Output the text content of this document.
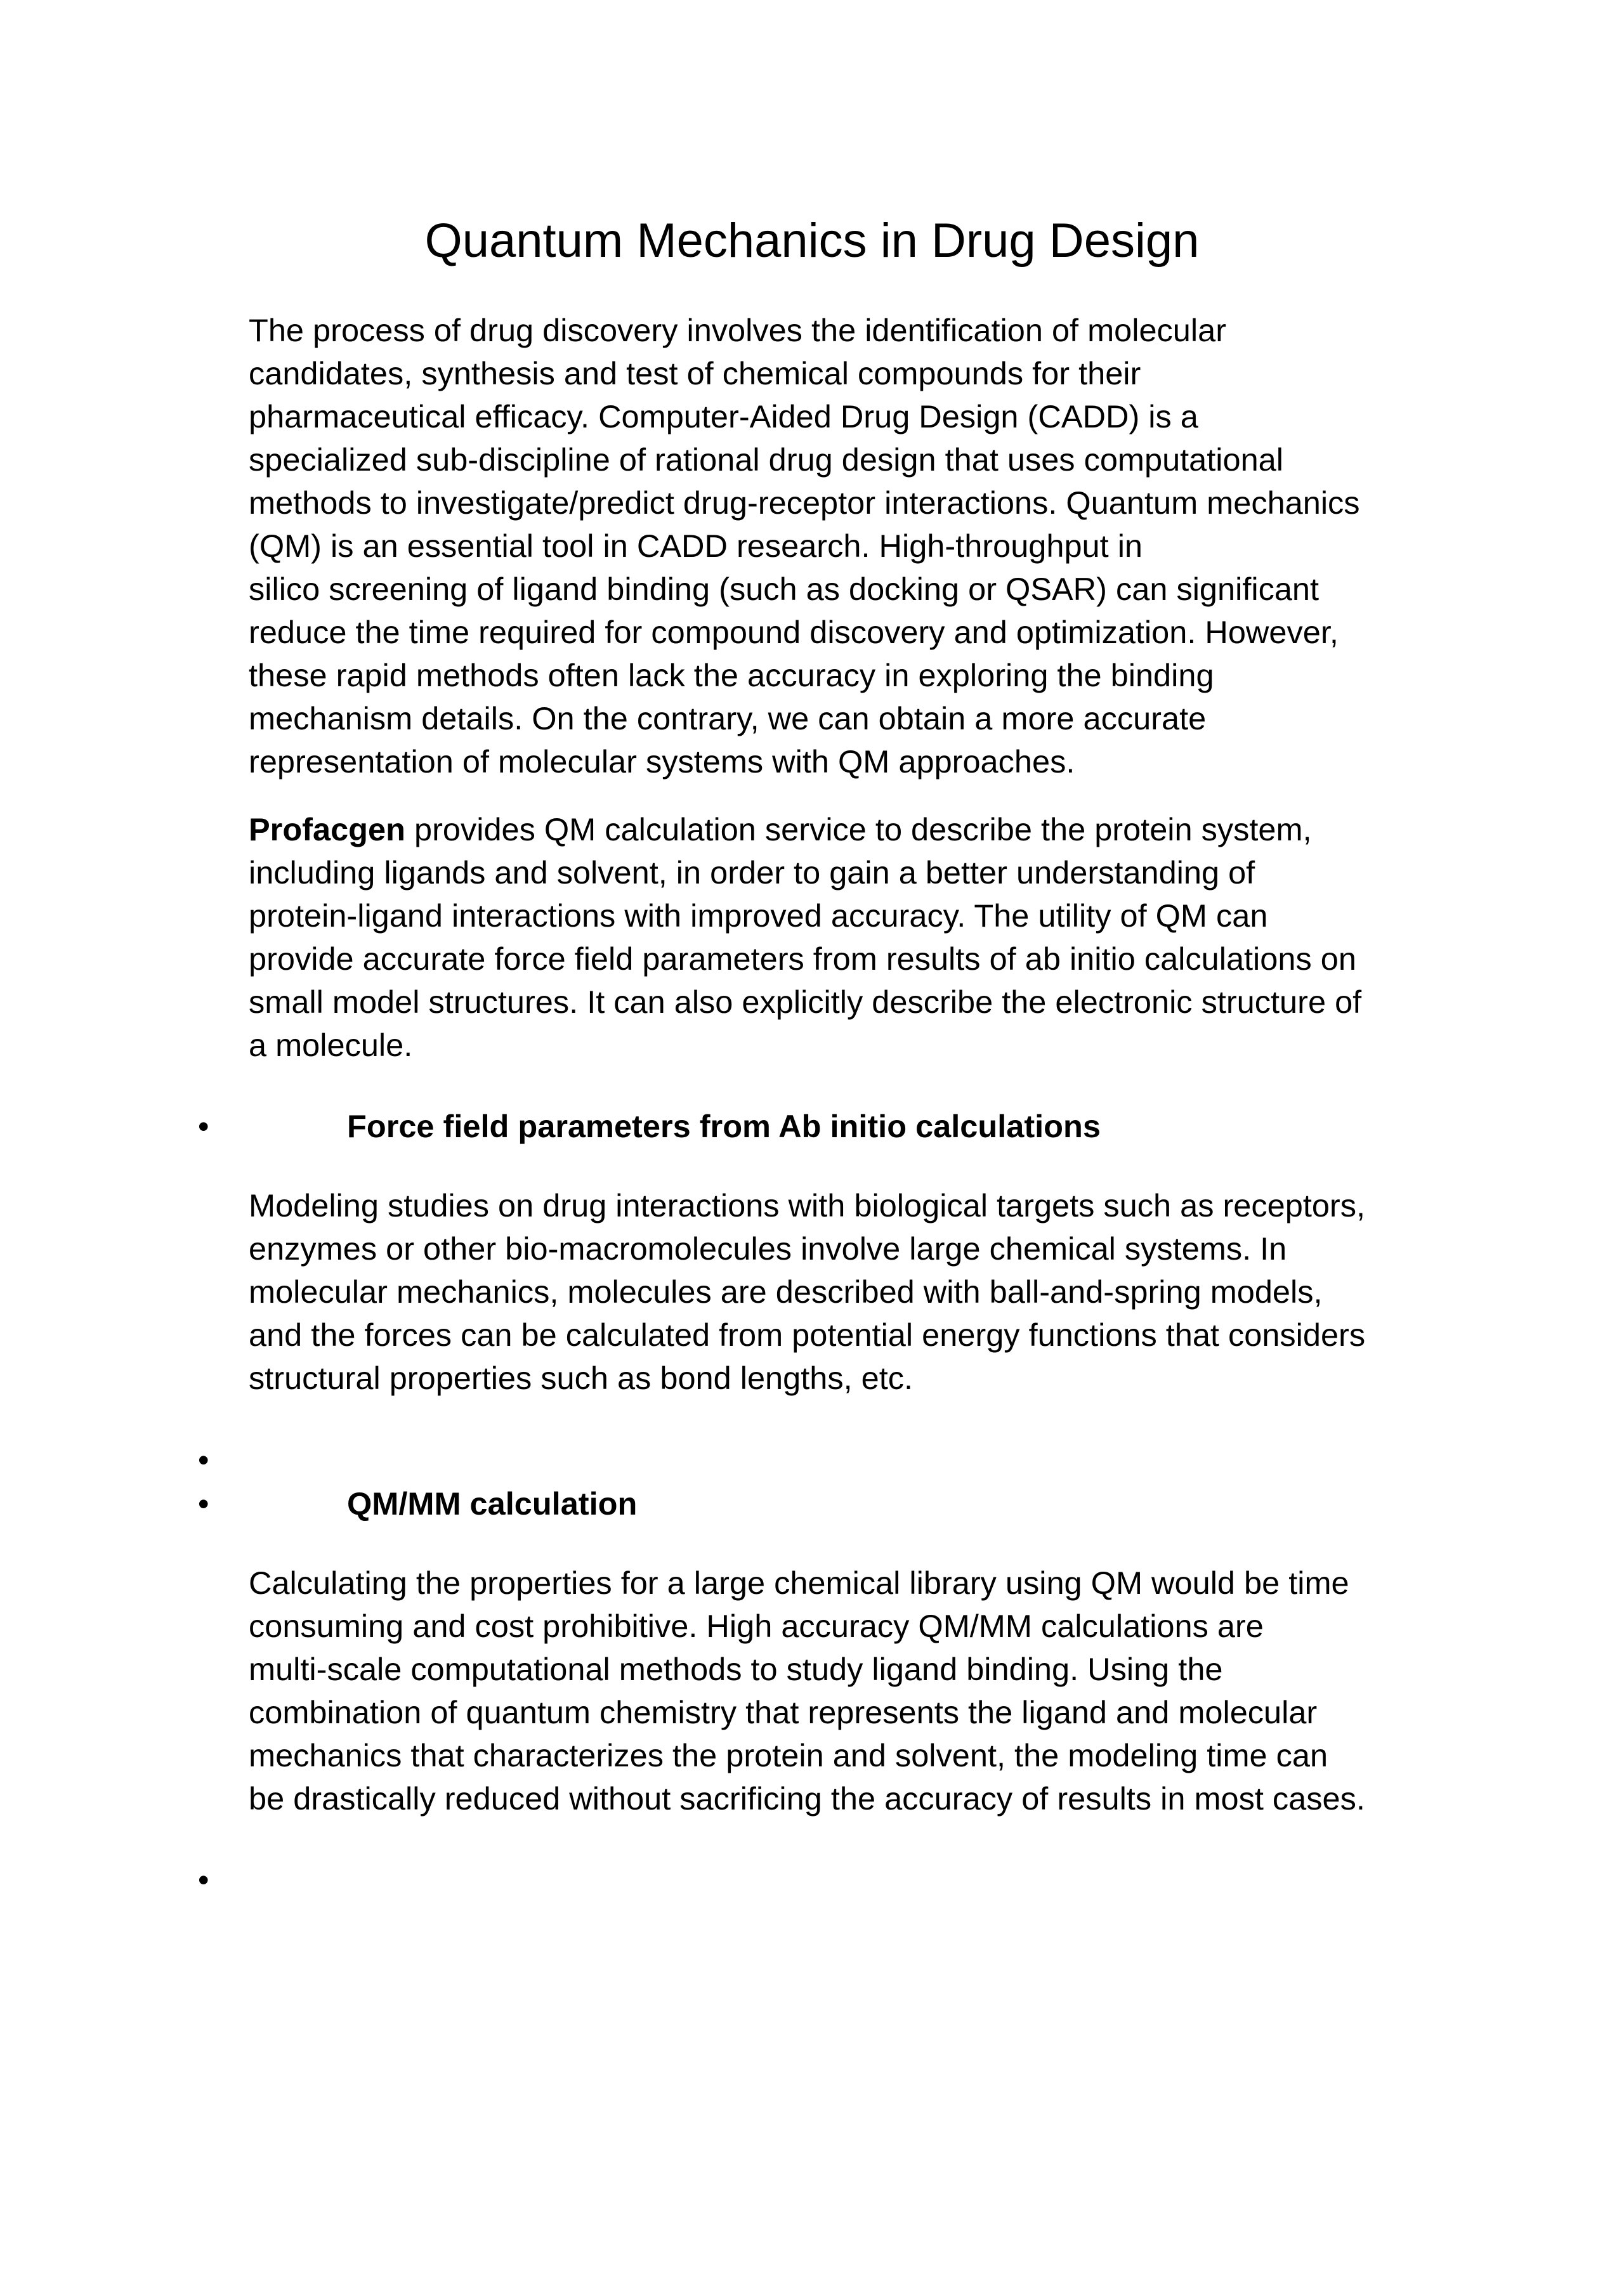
Quantum Mechanics in Drug Design

The process of drug discovery involves the identification of molecular
candidates, synthesis and test of chemical compounds for their
pharmaceutical efficacy. Computer-Aided Drug Design (CADD) is a
specialized sub-discipline of rational drug design that uses computational
methods to investigate/predict drug-receptor interactions. Quantum mechanics
(QM) is an essential tool in CADD research. High-throughput in
silico screening of ligand binding (such as docking or QSAR) can significant
reduce the time required for compound discovery and optimization. However,
these rapid methods often lack the accuracy in exploring the binding
mechanism details. On the contrary, we can obtain a more accurate
representation of molecular systems with QM approaches.

Profacgen provides QM calculation service to describe the protein system,
including ligands and solvent, in order to gain a better understanding of
protein-ligand interactions with improved accuracy. The utility of QM can
provide accurate force field parameters from results of ab initio calculations on
small model structures. It can also explicitly describe the electronic structure of
a molecule.

•	Force field parameters from Ab initio calculations

Modeling studies on drug interactions with biological targets such as receptors,
enzymes or other bio-macromolecules involve large chemical systems. In
molecular mechanics, molecules are described with ball-and-spring models,
and the forces can be calculated from potential energy functions that considers
structural properties such as bond lengths, etc.

•
•	QM/MM calculation

Calculating the properties for a large chemical library using QM would be time
consuming and cost prohibitive. High accuracy QM/MM calculations are
multi-scale computational methods to study ligand binding. Using the
combination of quantum chemistry that represents the ligand and molecular
mechanics that characterizes the protein and solvent, the modeling time can
be drastically reduced without sacrificing the accuracy of results in most cases.

•
